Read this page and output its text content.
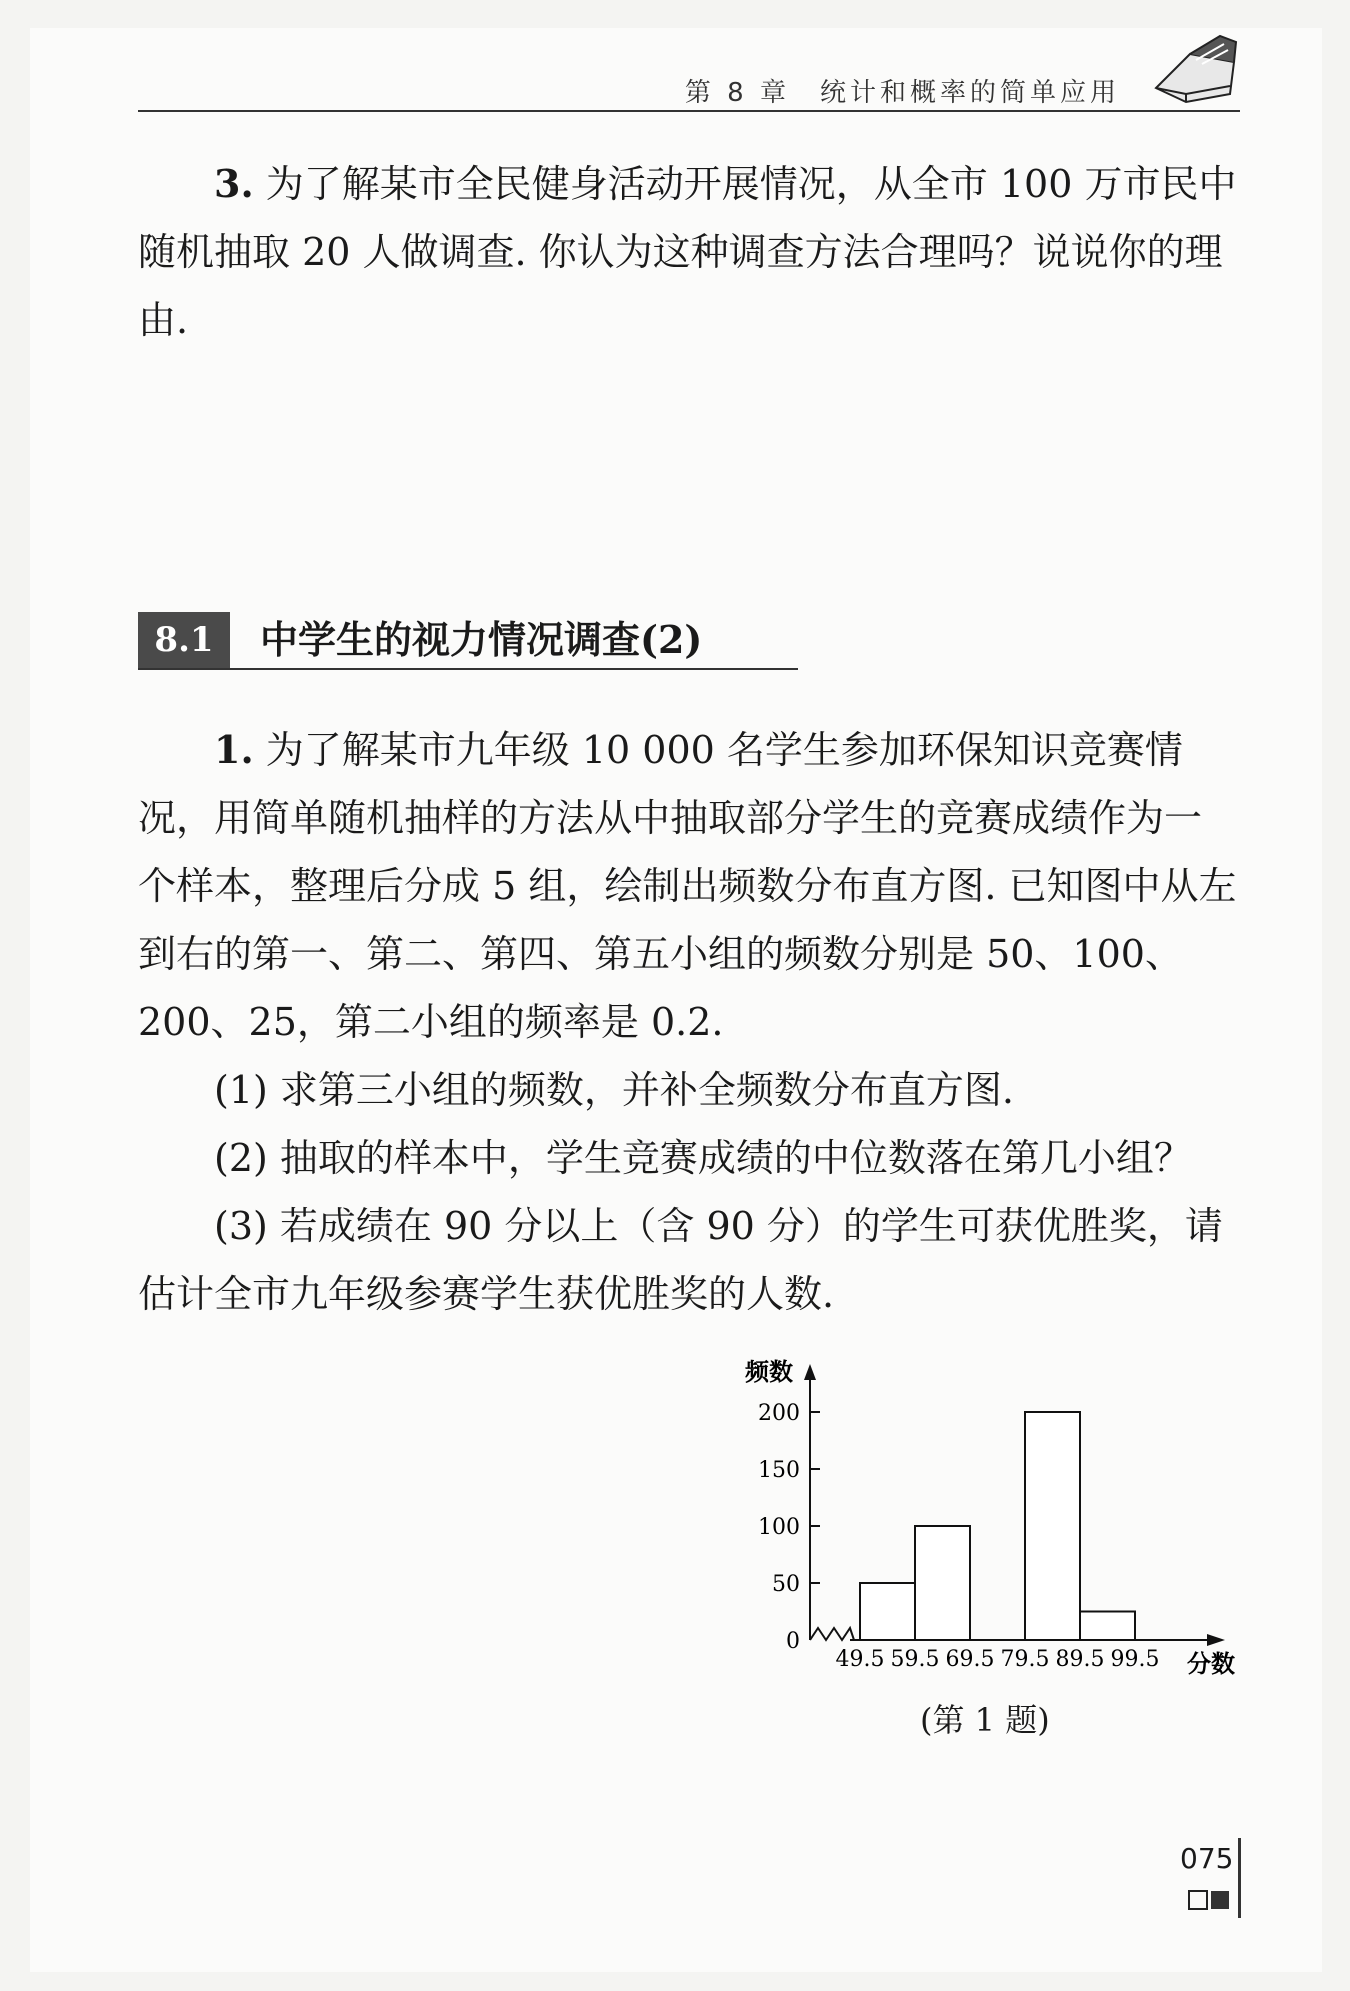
第 8 章　统计和概率的简单应用

3. 为了解某市全民健身活动开展情况，从全市 100 万市民中随机抽取 20 人做调查. 你认为这种调查方法合理吗？说说你的理由.

8.1	中学生的视力情况调查(2)

1. 为了解某市九年级 10 000 名学生参加环保知识竞赛情况，用简单随机抽样的方法从中抽取部分学生的竞赛成绩作为一个样本，整理后分成 5 组，绘制出频数分布直方图. 已知图中从左到右的第一、第二、第四、第五小组的频数分别是 50、100、200、25，第二小组的频率是 0.2.

(1) 求第三小组的频数，并补全频数分布直方图.

(2) 抽取的样本中，学生竞赛成绩的中位数落在第几小组？

(3) 若成绩在 90 分以上（含 90 分）的学生可获优胜奖，请估计全市九年级参赛学生获优胜奖的人数.

0
50
100
150
200
频数
49.5 59.5 69.5 79.5 89.5 99.5 分数
(第 1 题)
075
